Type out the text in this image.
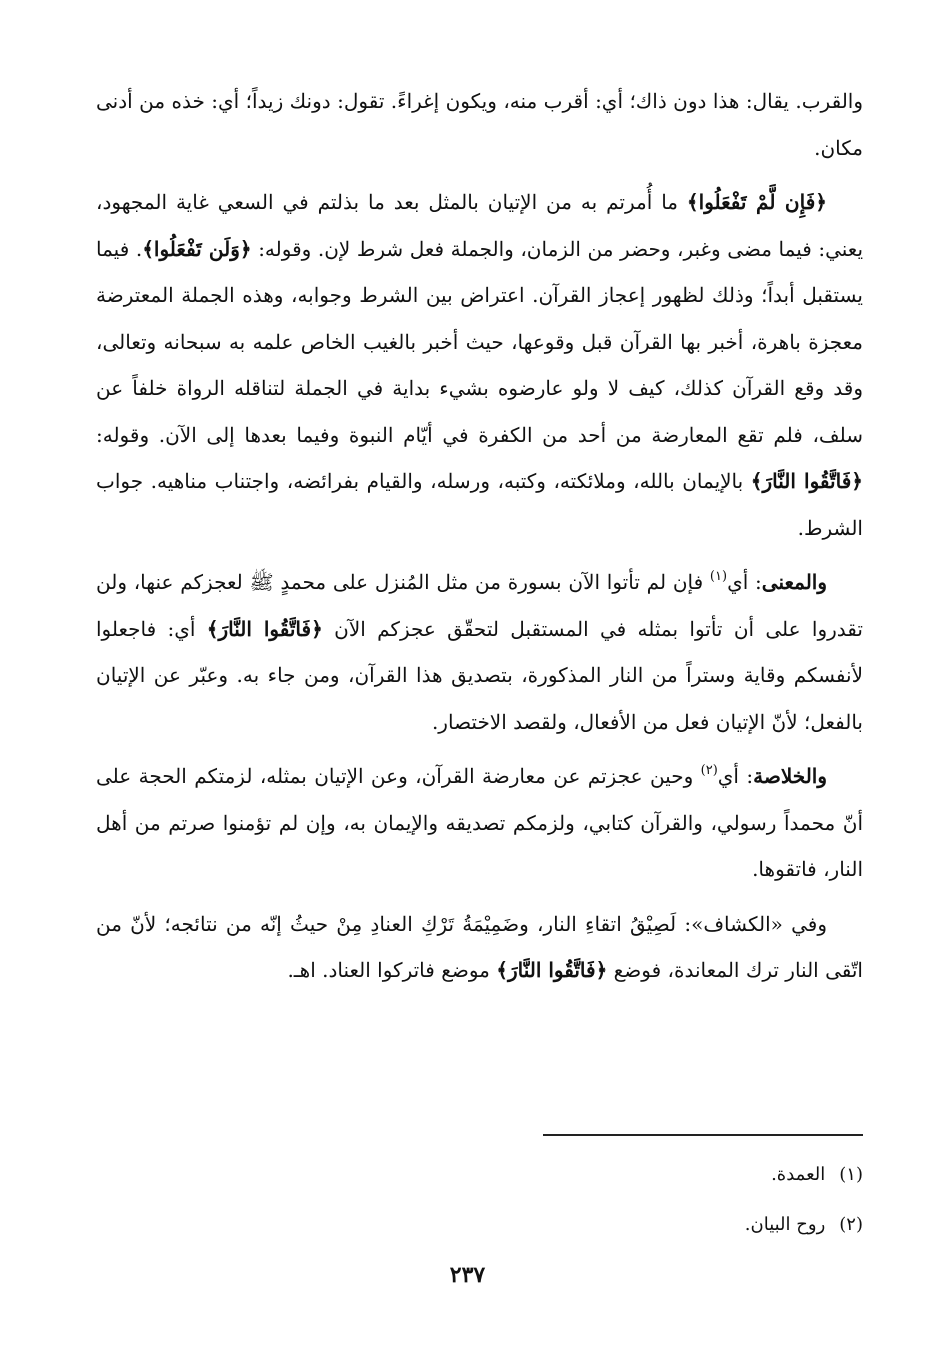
والقرب. يقال: هذا دون ذاك؛ أي: أقرب منه، ويكون إغراءً. تقول: دونك زيداً؛ أي: خذه من أدنى مكان.

﴿فَإِن لَّمْ تَفْعَلُوا﴾ ما أُمرتم به من الإتيان بالمثل بعد ما بذلتم في السعي غاية المجهود، يعني: فيما مضى وغبر، وحضر من الزمان، والجملة فعل شرط لإن. وقوله: ﴿وَلَن تَفْعَلُوا﴾. فيما يستقبل أبداً؛ وذلك لظهور إعجاز القرآن. اعتراض بين الشرط وجوابه، وهذه الجملة المعترضة معجزة باهرة، أخبر بها القرآن قبل وقوعها، حيث أخبر بالغيب الخاص علمه به سبحانه وتعالى، وقد وقع القرآن كذلك، كيف لا ولو عارضوه بشيء بداية في الجملة لتناقله الرواة خلفاً عن سلف، فلم تقع المعارضة من أحد من الكفرة في أيّام النبوة وفيما بعدها إلى الآن. وقوله: ﴿فَاتَّقُوا النَّارَ﴾ بالإيمان بالله، وملائكته، وكتبه، ورسله، والقيام بفرائضه، واجتناب مناهيه. جواب الشرط.

والمعنى: أي$^{(١)}$ فإن لم تأتوا الآن بسورة من مثل المُنزل على محمدٍ ﷺ لعجزكم عنها، ولن تقدروا على أن تأتوا بمثله في المستقبل لتحقّق عجزكم الآن ﴿فَاتَّقُوا النَّارَ﴾ أي: فاجعلوا لأنفسكم وقاية وستراً من النار المذكورة، بتصديق هذا القرآن، ومن جاء به. وعبّر عن الإتيان بالفعل؛ لأنّ الإتيان فعل من الأفعال، ولقصد الاختصار.

والخلاصة: أي$^{(٢)}$ وحين عجزتم عن معارضة القرآن، وعن الإتيان بمثله، لزمتكم الحجة على أنّ محمداً رسولي، والقرآن كتابي، ولزمكم تصديقه والإيمان به، وإن لم تؤمنوا صرتم من أهل النار، فاتقوها.

وفي «الكشاف»: لَصِيْقُ اتقاءِ النار، وضَمِيْمَةُ تَرْكِ العنادِ مِنْ حيثُ إنّه من نتائجه؛ لأنّ من اتّقى النار ترك المعاندة، فوضع ﴿فَاتَّقُوا النَّارَ﴾ موضع فاتركوا العناد. اهـ.

(١)العمدة.
(٢)روح البيان.
٢٣٧
